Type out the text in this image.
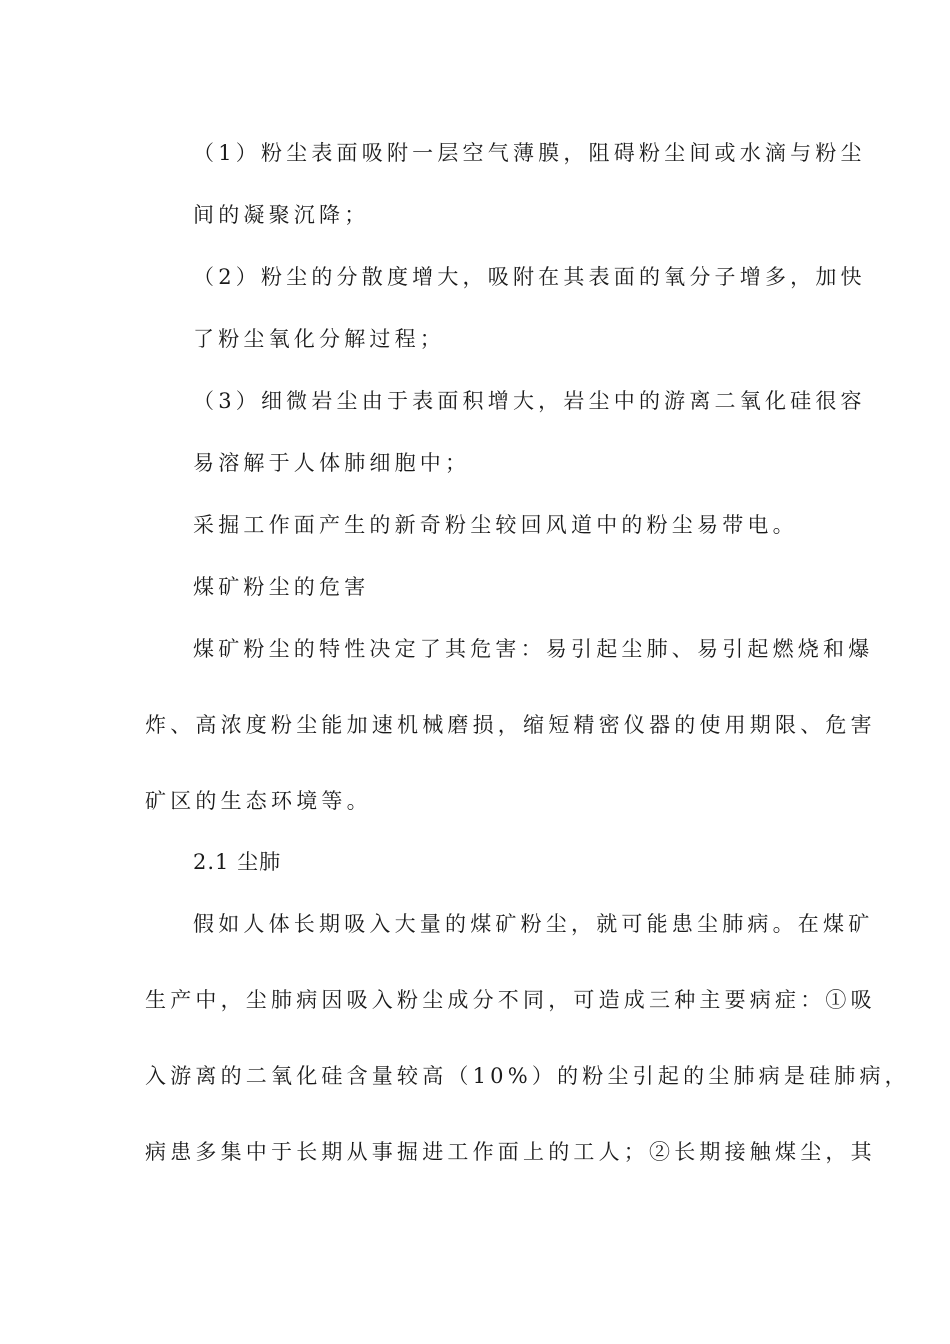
（1）粉尘表面吸附一层空气薄膜，阻碍粉尘间或水滴与粉尘
间的凝聚沉降；
（2）粉尘的分散度增大，吸附在其表面的氧分子增多，加快
了粉尘氧化分解过程；
（3）细微岩尘由于表面积增大，岩尘中的游离二氧化硅很容
易溶解于人体肺细胞中；
采掘工作面产生的新奇粉尘较回风道中的粉尘易带电。
煤矿粉尘的危害
煤矿粉尘的特性决定了其危害：易引起尘肺、易引起燃烧和爆
炸、高浓度粉尘能加速机械磨损，缩短精密仪器的使用期限、危害
矿区的生态环境等。
2.1 尘肺
假如人体长期吸入大量的煤矿粉尘，就可能患尘肺病。在煤矿
生产中，尘肺病因吸入粉尘成分不同，可造成三种主要病症：①吸
入游离的二氧化硅含量较高（10%）的粉尘引起的尘肺病是硅肺病，
病患多集中于长期从事掘进工作面上的工人；②长期接触煤尘，其
